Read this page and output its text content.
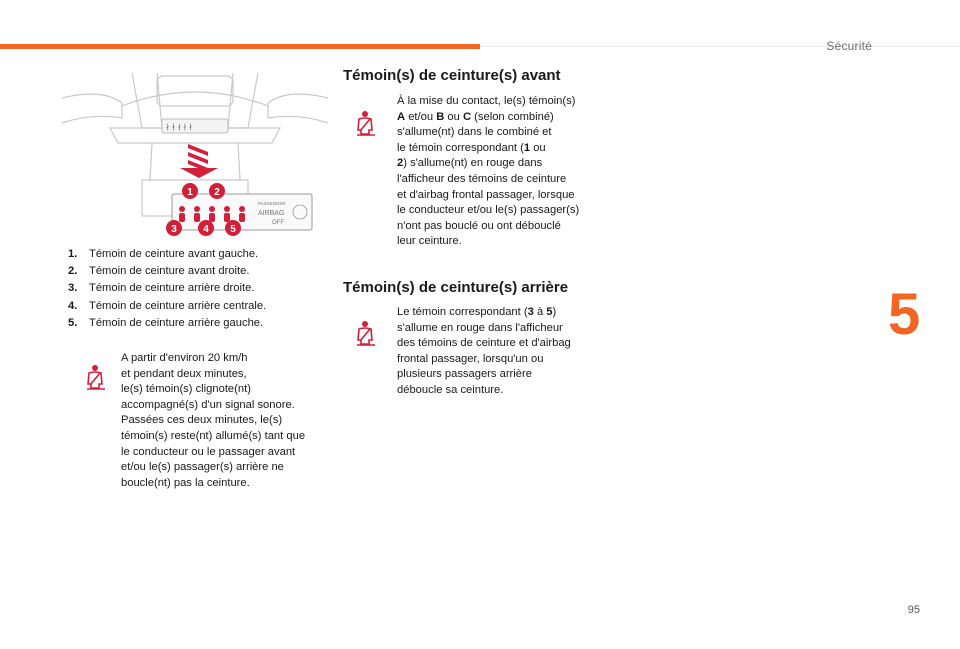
Sécurité
∤ ∤ ∤ ∤ ∤
PASSENGER
AIRBAG
OFF
1 2
3	4 5
1. Témoin de ceinture avant gauche.
2. Témoin de ceinture avant droite.
3. Témoin de ceinture arrière droite.
4. Témoin de ceinture arrière centrale.
5. Témoin de ceinture arrière gauche.
A partir d'environ 20 km/h
et pendant deux minutes,
le(s) témoin(s) clignote(nt)
accompagné(s) d'un signal sonore.
Passées ces deux minutes, le(s)
témoin(s) reste(nt) allumé(s) tant que
le conducteur ou le passager avant
et/ou le(s) passager(s) arrière ne
boucle(nt) pas la ceinture.
Témoin(s) de ceinture(s) avant
À la mise du contact, le(s) témoin(s)
A et/ou B ou C (selon combiné)
s'allume(nt) dans le combiné et
le témoin correspondant (1 ou
2) s'allume(nt) en rouge dans
l'afficheur des témoins de ceinture
et d'airbag frontal passager, lorsque
le conducteur et/ou le(s) passager(s)
n'ont pas bouclé ou ont débouclé
leur ceinture.
Témoin(s) de ceinture(s) arrière
Le témoin correspondant (3 à 5)
s'allume en rouge dans l'afficheur
des témoins de ceinture et d'airbag
frontal passager, lorsqu'un ou
plusieurs passagers arrière
déboucle sa ceinture.
5
95
